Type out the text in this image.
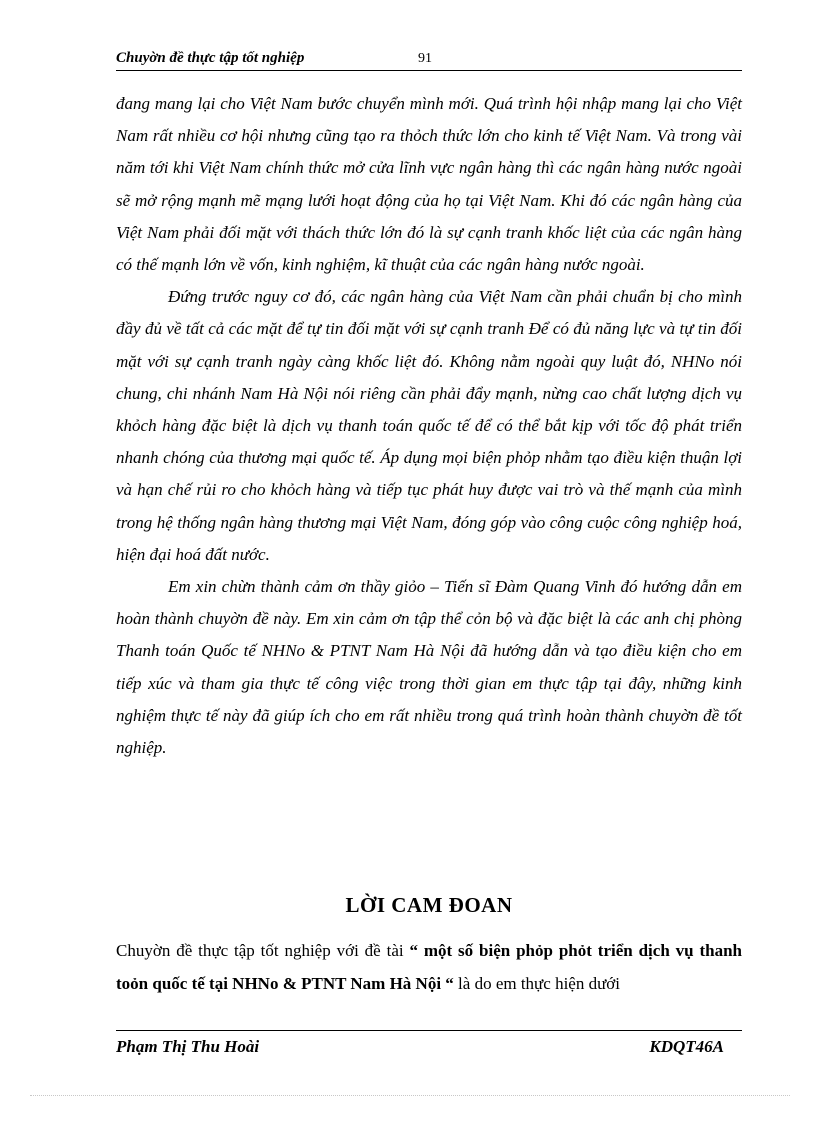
Chuyờn đề thực tập tốt nghiệp	91

đang mang lại cho Việt Nam bước chuyển mình mới. Quá trình hội nhập mang lại cho Việt Nam rất nhiều cơ hội nhưng cũng tạo ra thỏch thức lớn cho kinh tế Việt Nam. Và trong vài năm tới khi Việt Nam chính thức mở cửa lĩnh vực ngân hàng thì các ngân hàng nước ngoài sẽ mở rộng mạnh mẽ mạng lưới hoạt động của họ tại Việt Nam. Khi đó các ngân hàng của Việt Nam phải đối mặt với thách thức lớn đó là sự cạnh tranh khốc liệt của các ngân hàng có thế mạnh lớn về vốn, kinh nghiệm, kĩ thuật của các ngân hàng nước ngoài.

Đứng trước nguy cơ đó, các ngân hàng của Việt Nam cần phải chuẩn bị cho mình đầy đủ về tất cả các mặt để tự tin đối mặt với sự cạnh tranh Để có đủ năng lực và tự tin đối mặt với sự cạnh tranh ngày càng khốc liệt đó. Không nằm ngoài quy luật đó, NHNo nói chung, chi nhánh Nam Hà Nội nói riêng cần phải đẩy mạnh, nừng cao chất lượng dịch vụ khỏch hàng đặc biệt là dịch vụ thanh toán quốc tế để có thể bắt kịp với tốc độ phát triển nhanh chóng của thương mại quốc tế. Áp dụng mọi biện phỏp nhằm tạo điều kiện thuận lợi và hạn chế rủi ro cho khỏch hàng và tiếp tục phát huy được vai trò và thế mạnh của mình trong hệ thống ngân hàng thương mại Việt Nam, đóng góp vào công cuộc công nghiệp hoá, hiện đại hoá đất nước.

Em xin chừn thành cảm ơn thầy giỏo – Tiến sĩ Đàm Quang Vinh đó hướng dẫn em hoàn thành chuyờn đề này. Em xin cảm ơn tập thể cỏn bộ và đặc biệt là các anh chị phòng Thanh toán Quốc tế NHNo & PTNT Nam Hà Nội đã hướng dẫn và tạo điều kiện cho em tiếp xúc và tham gia thực tế công việc trong thời gian em thực tập tại đây, những kinh nghiệm thực tế này đã giúp ích cho em rất nhiều trong quá trình hoàn thành chuyờn đề tốt nghiệp.

LỜI CAM ĐOAN
Chuyờn đề thực tập tốt nghiệp với đề tài “ một số biện phỏp phỏt triển dịch vụ thanh toỏn quốc tế tại NHNo & PTNT Nam Hà Nội “ là do em thực hiện dưới
Phạm Thị Thu Hoài	KDQT46A
